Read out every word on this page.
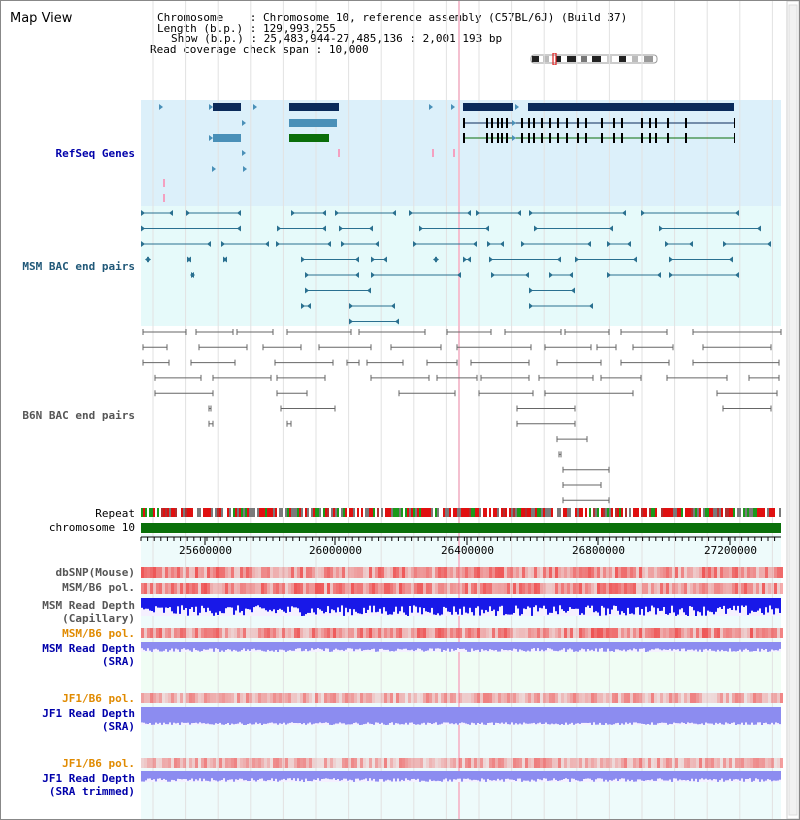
Map View	Chromosome    : Chromosome 10, reference assembly (C57BL/6J) (Build 37)
Length (b.p.) : 129,993,255
Show (b.p.) : 25,483,944-27,485,136 : 2,001,193 bp
Read coverage check span : 10,000
RefSeq Genes
MSM BAC end pairs
B6N BAC end pairs
Repeat
chromosome 10
dbSNP(Mouse)
MSM/B6 pol.
MSM Read Depth
(Capillary)
MSM/B6 pol.
MSM Read Depth
(SRA)
JF1/B6 pol.
JF1 Read Depth
(SRA)
JF1/B6 pol.
JF1 Read Depth
(SRA trimmed)
25600000	26000000	26400000	26800000	27200000
